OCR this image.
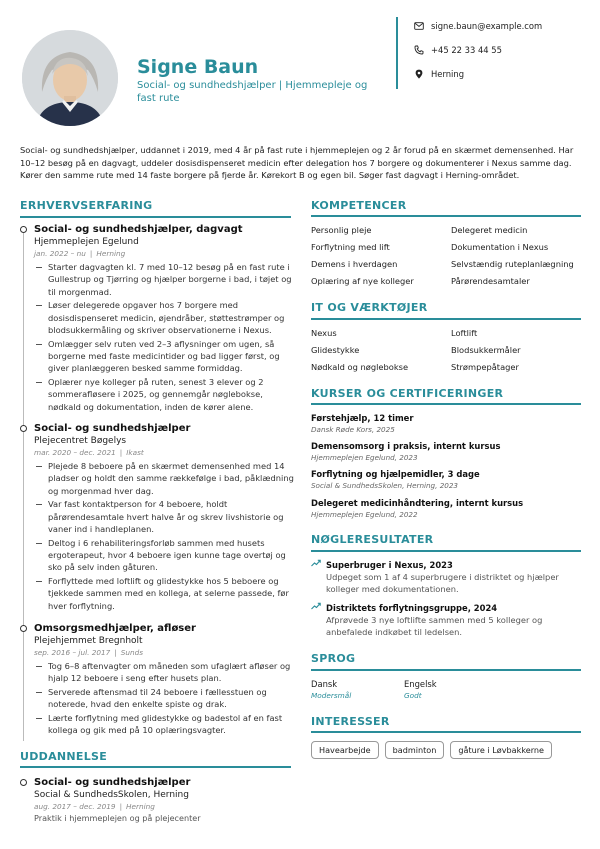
Signe Baun
Social- og sundhedshjælper | Hjemmepleje og fast rute
signe.baun@example.com
+45 22 33 44 55
Herning
Social- og sundhedshjælper, uddannet i 2019, med 4 år på fast rute i hjemmeplejen og 2 år forud på en skærmet demensenhed. Har 10–12 besøg på en dagvagt, uddeler dosisdispenseret medicin efter delegation hos 7 borgere og dokumenterer i Nexus samme dag. Kører den samme rute med 14 faste borgere på fjerde år. Kørekort B og egen bil. Søger fast dagvagt i Herning-området.
ERHVERVSERFARING
Social- og sundhedshjælper, dagvagt
Hjemmeplejen Egelund
jan. 2022 – nu | Herning
Starter dagvagten kl. 7 med 10–12 besøg på en fast rute i Gullestrup og Tjørring og hjælper borgerne i bad, i tøjet og til morgenmad.
Løser delegerede opgaver hos 7 borgere med dosisdispenseret medicin, øjendråber, støttestrømper og blodsukkermåling og skriver observationerne i Nexus.
Omlægger selv ruten ved 2–3 aflysninger om ugen, så borgerne med faste medicintider og bad ligger først, og giver planlæggeren besked samme formiddag.
Oplærer nye kolleger på ruten, senest 3 elever og 2 sommerafløsere i 2025, og gennemgår nøglebokse, nødkald og dokumentation, inden de kører alene.
Social- og sundhedshjælper
Plejecentret Bøgelys
mar. 2020 – dec. 2021 | Ikast
Plejede 8 beboere på en skærmet demensenhed med 14 pladser og holdt den samme rækkefølge i bad, påklædning og morgenmad hver dag.
Var fast kontaktperson for 4 beboere, holdt pårørendesamtale hvert halve år og skrev livshistorie og vaner ind i handleplanen.
Deltog i 6 rehabiliteringsforløb sammen med husets ergoterapeut, hvor 4 beboere igen kunne tage overtøj og sko på selv inden gåturen.
Forflyttede med loftlift og glidestykke hos 5 beboere og tjekkede sammen med en kollega, at selerne passede, før hver forflytning.
Omsorgsmedhjælper, afløser
Plejehjemmet Bregnholt
sep. 2016 – jul. 2017 | Sunds
Tog 6–8 aftenvagter om måneden som ufaglært afløser og hjalp 12 beboere i seng efter husets plan.
Serverede aftensmad til 24 beboere i fællesstuen og noterede, hvad den enkelte spiste og drak.
Lærte forflytning med glidestykke og badestol af en fast kollega og gik med på 10 oplæringsvagter.
UDDANNELSE
Social- og sundhedshjælper
Social & SundhedsSkolen, Herning
aug. 2017 – dec. 2019 | Herning
Praktik i hjemmeplejen og på plejecenter
KOMPETENCER
Personlig pleje	Delegeret medicin
Forflytning med lift	Dokumentation i Nexus
Demens i hverdagen	Selvstændig ruteplanlægning
Oplæring af nye kolleger	Pårørendesamtaler
IT OG VÆRKTØJER
Nexus	Loftlift
Glidestykke	Blodsukkermåler
Nødkald og nøglebokse	Strømpepåtager
KURSER OG CERTIFICERINGER
Førstehjælp, 12 timer
Dansk Røde Kors, 2025
Demensomsorg i praksis, internt kursus
Hjemmeplejen Egelund, 2023
Forflytning og hjælpemidler, 3 dage
Social & SundhedsSkolen, Herning, 2023
Delegeret medicinhåndtering, internt kursus
Hjemmeplejen Egelund, 2022
NØGLERESULTATER
Superbruger i Nexus, 2023
Udpeget som 1 af 4 superbrugere i distriktet og hjælper kolleger med dokumentationen.
Distriktets forflytningsgruppe, 2024
Afprøvede 3 nye loftlifte sammen med 5 kolleger og anbefalede indkøbet til ledelsen.
SPROG
Dansk
Modersmål
Engelsk
Godt
INTERESSER
Havearbejde	badminton	gåture i Løvbakkerne
